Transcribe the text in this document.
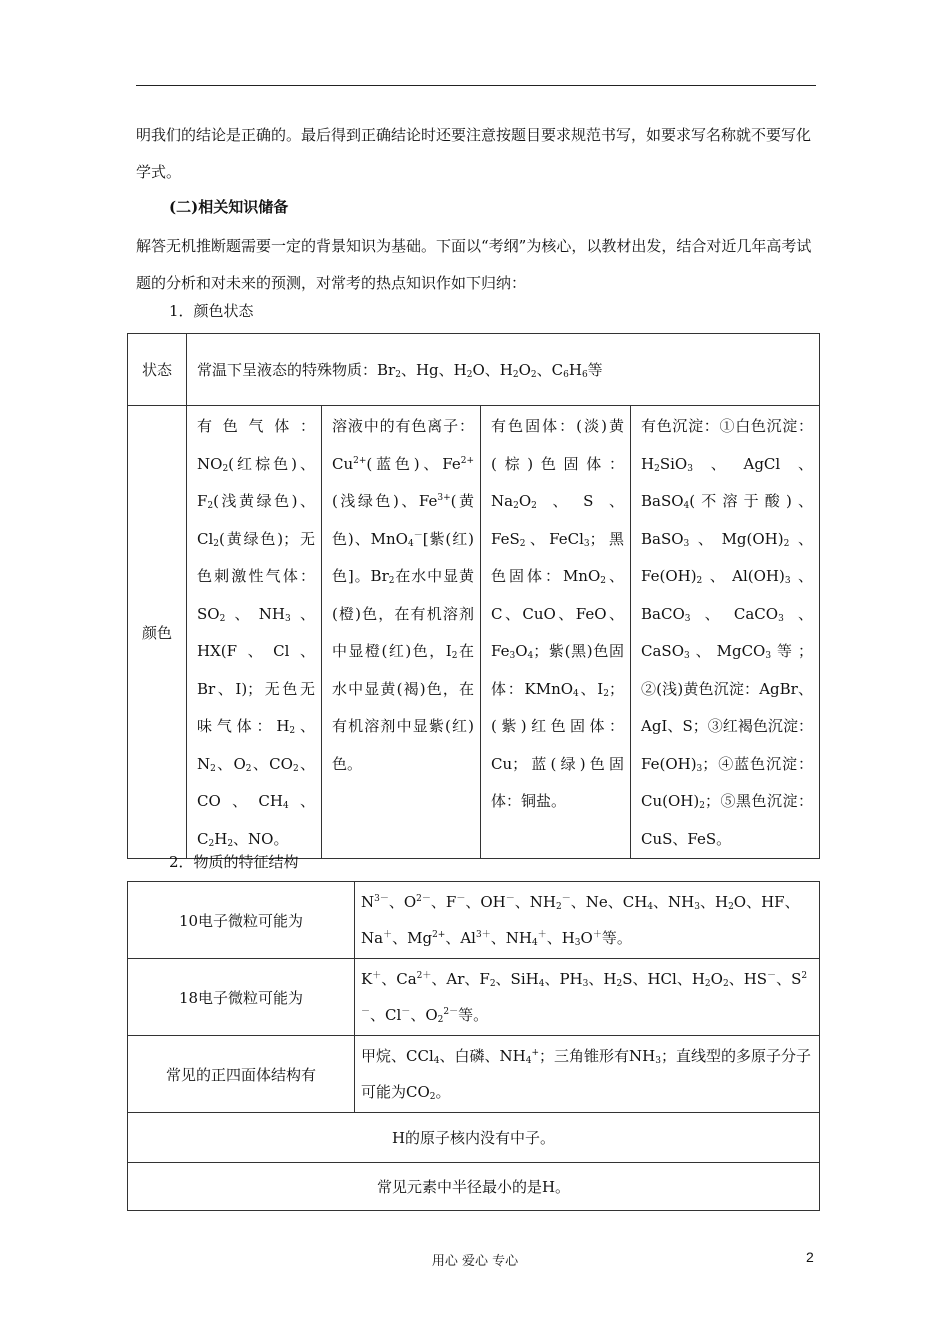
明我们的结论是正确的。最后得到正确结论时还要注意按题目要求规范书写，如要求写名称就不要写化学式。

(二)相关知识储备

解答无机推断题需要一定的背景知识为基础。下面以“考纲”为核心，以教材出发，结合对近几年高考试题的分析和对未来的预测，对常考的热点知识作如下归纳：

1．颜色状态
状态	常温下呈液态的特殊物质：$Br_2$、Hg、$H_2O$、$H_2O_2$、$C_6H_6$等			
颜色	有色气体：$NO_2$(红棕色)、$F_2$(浅黄绿色)、$Cl_2$(黄绿色)；无色刺激性气体：$SO_2$、$NH_3$、HX(F、Cl、Br、I)；无色无味气体：$H_2$、$N_2$、$O_2$、$CO_2$、CO、$CH_4$、$C_2H_2$、NO。	溶液中的有色离子：$Cu^{2+}$(蓝色)、$Fe^{2+}$(浅绿色)、$Fe^{3+}$(黄色)、MnO$_4$－[紫(红)色]。$Br_2$在水中显黄(橙)色，在有机溶剂中显橙(红)色，$I_2$在水中显黄(褐)色，在有机溶剂中显紫(红)色。	有色固体：(淡)黄(棕)色固体：$Na_2O_2$、S、FeS$_2$、FeCl$_3$；黑色固体：MnO$_2$、C、CuO、FeO、$Fe_3O_4$；紫(黑)色固体：KMnO$_4$、$I_2$；(紫)红色固体：Cu；蓝(绿)色固体：铜盐。	有色沉淀：①白色沉淀：$H_2SiO_3$、AgCl、BaSO$_4$(不溶于酸)、BaSO$_3$、$Mg(OH)_2$、$Fe(OH)_2$、$Al(OH)_3$、BaCO$_3$、CaCO$_3$、CaSO$_3$、MgCO$_3$等；②(浅)黄色沉淀：AgBr、AgI、S；③红褐色沉淀：$Fe(OH)_3$；④蓝色沉淀：$Cu(OH)_2$；⑤黑色沉淀：CuS、FeS。
2．物质的特征结构
10电子微粒可能为	$N^{3-}$、$O^{2-}$、F－、OH－、$NH_2^-$、Ne、$CH_4$、$NH_3$、$H_2O$、HF、Na＋、$Mg^{2+}$、$Al^{3+}$、$NH_4^+$、$H_3O^+$等。
18电子微粒可能为	K＋、$Ca^{2+}$、Ar、$F_2$、SiH$_4$、$PH_3$、$H_2S$、HCl、$H_2O_2$、HS－、$S^{2-}$、Cl－、$O_2^{2-}$等。
常见的正四面体结构有	甲烷、CCl$_4$、白磷、$NH_4^+$；三角锥形有$NH_3$；直线型的多原子分子可能为$CO_2$。
H的原子核内没有中子。	
常见元素中半径最小的是H。	
用心 爱心 专心	2
